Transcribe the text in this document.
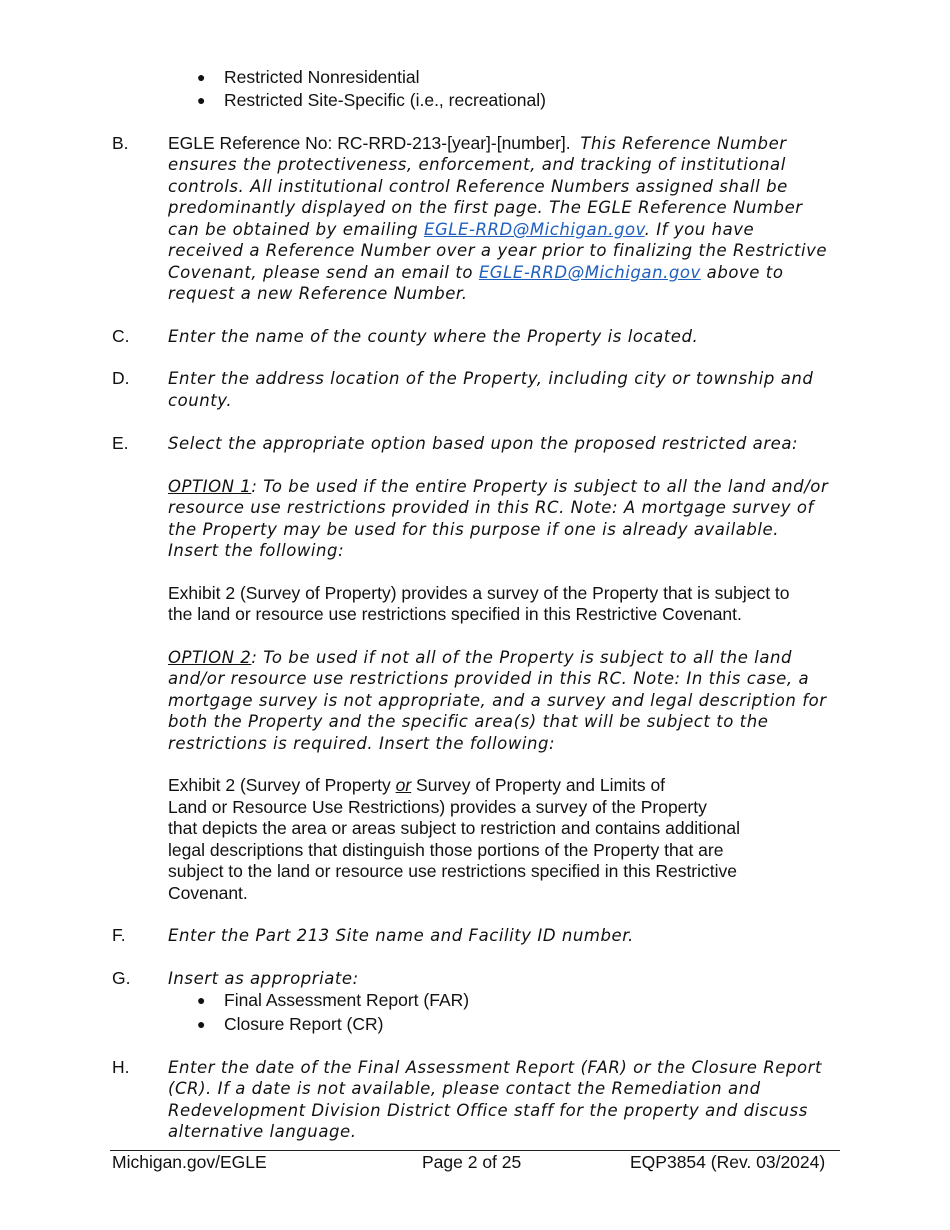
● Restricted Nonresidential
● Restricted Site-Specific (i.e., recreational)
B. EGLE Reference No: RC-RRD-213-[year]-[number]. This Reference Number
ensures the protectiveness, enforcement, and tracking of institutional
controls. All institutional control Reference Numbers assigned shall be
predominantly displayed on the first page. The EGLE Reference Number
can be obtained by emailing EGLE-RRD@Michigan.gov. If you have
received a Reference Number over a year prior to finalizing the Restrictive
Covenant, please send an email to EGLE-RRD@Michigan.gov above to
request a new Reference Number.
C. Enter the name of the county where the Property is located.
D. Enter the address location of the Property, including city or township and
county.
E. Select the appropriate option based upon the proposed restricted area:
OPTION 1: To be used if the entire Property is subject to all the land and/or
resource use restrictions provided in this RC. Note: A mortgage survey of
the Property may be used for this purpose if one is already available.
Insert the following:
Exhibit 2 (Survey of Property) provides a survey of the Property that is subject to
the land or resource use restrictions specified in this Restrictive Covenant.
OPTION 2: To be used if not all of the Property is subject to all the land
and/or resource use restrictions provided in this RC. Note: In this case, a
mortgage survey is not appropriate, and a survey and legal description for
both the Property and the specific area(s) that will be subject to the
restrictions is required. Insert the following:
Exhibit 2 (Survey of Property or Survey of Property and Limits of
Land or Resource Use Restrictions) provides a survey of the Property
that depicts the area or areas subject to restriction and contains additional
legal descriptions that distinguish those portions of the Property that are
subject to the land or resource use restrictions specified in this Restrictive
Covenant.
F.	Enter the Part 213 Site name and Facility ID number.
G. Insert as appropriate:
● Final Assessment Report (FAR)
● Closure Report (CR)
H. Enter the date of the Final Assessment Report (FAR) or the Closure Report
(CR). If a date is not available, please contact the Remediation and
Redevelopment Division District Office staff for the property and discuss
alternative language.
Michigan.gov/EGLE	Page 2 of 25	EQP3854 (Rev. 03/2024)
